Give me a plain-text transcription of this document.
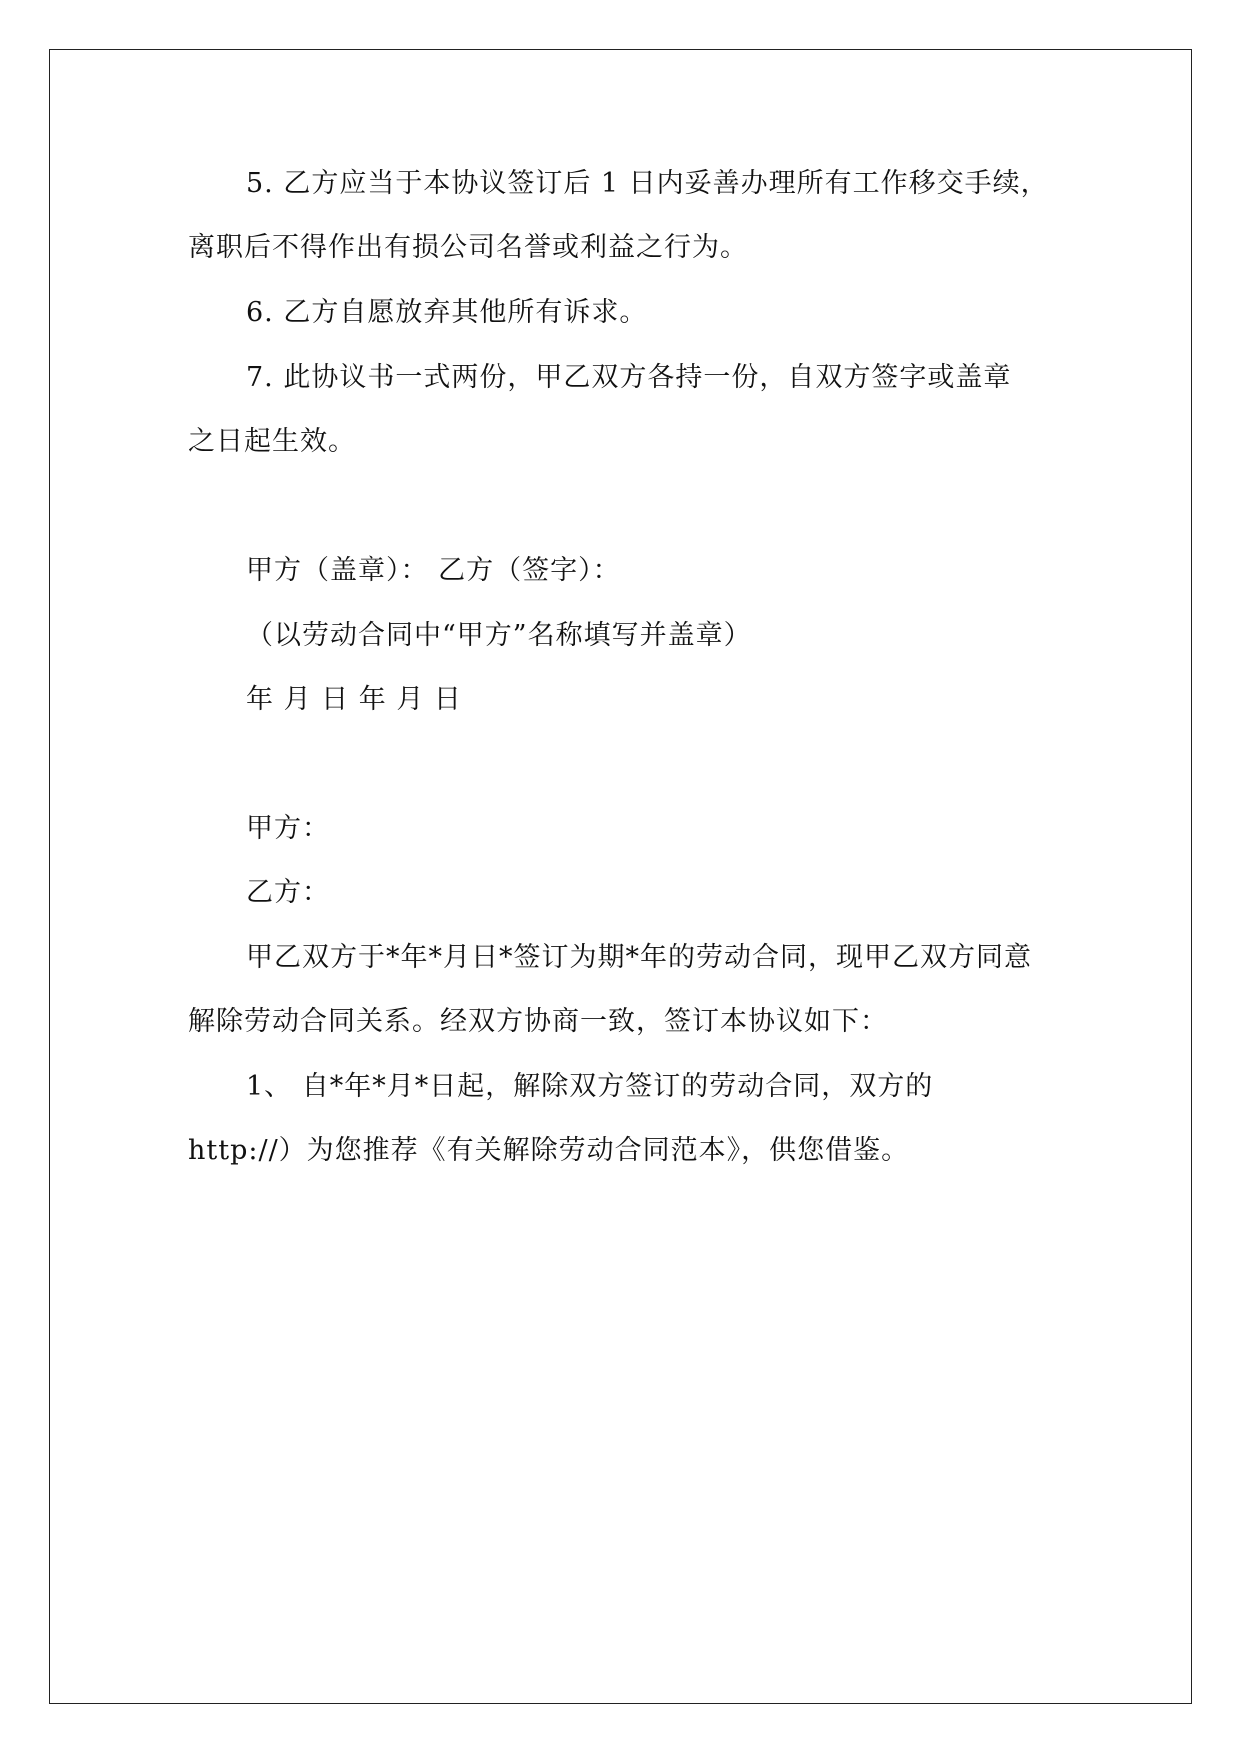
5. 乙方应当于本协议签订后 1 日内妥善办理所有工作移交手续，
离职后不得作出有损公司名誉或利益之行为。
6. 乙方自愿放弃其他所有诉求。
7. 此协议书一式两份，甲乙双方各持一份，自双方签字或盖章
之日起生效。
甲方（盖章）： 乙方（签字）：
（以劳动合同中“甲方”名称填写并盖章）
年 月 日 年 月 日
甲方：
乙方：
甲乙双方于*年*月日*签订为期*年的劳动合同，现甲乙双方同意
解除劳动合同关系。经双方协商一致，签订本协议如下：
1、 自*年*月*日起，解除双方签订的劳动合同，双方的
http://）为您推荐《有关解除劳动合同范本》，供您借鉴。
